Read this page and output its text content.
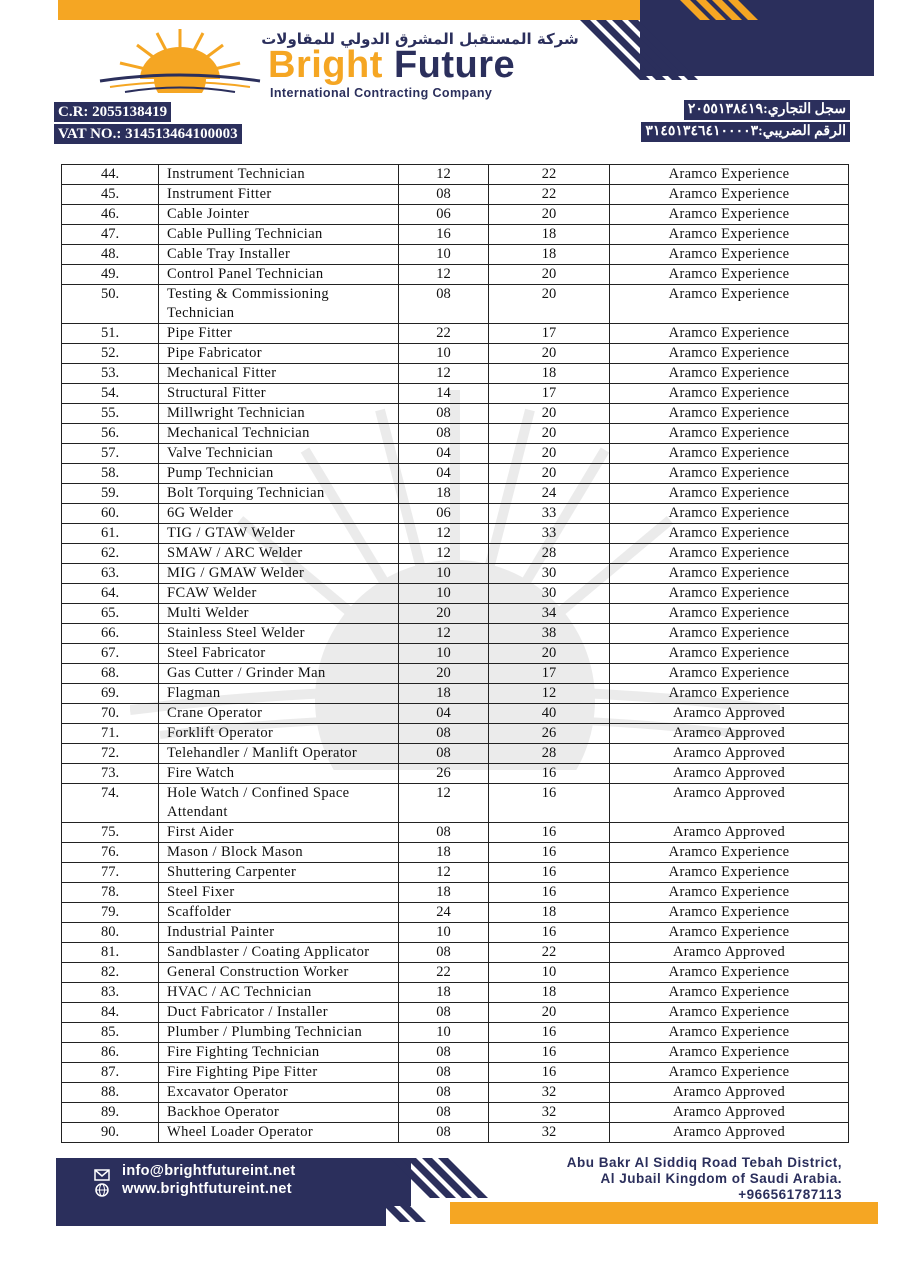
شركة المستقبل المشرق الدولي للمقاولات
Bright Future
International Contracting Company
C.R: 2055138419
VAT NO.: 314513464100003
سجل التجاري:٢٠٥٥١٣٨٤١٩
الرقم الضريبي:٣١٤٥١٣٤٦٤١٠٠٠٠٣
44.	Instrument Technician	12	22	Aramco Experience
45.	Instrument Fitter	08	22	Aramco Experience
46.	Cable Jointer	06	20	Aramco Experience
47.	Cable Pulling Technician	16	18	Aramco Experience
48.	Cable Tray Installer	10	18	Aramco Experience
49.	Control Panel Technician	12	20	Aramco Experience
50.	Testing & Commissioning Technician	08	20	Aramco Experience
51.	Pipe Fitter	22	17	Aramco Experience
52.	Pipe Fabricator	10	20	Aramco Experience
53.	Mechanical Fitter	12	18	Aramco Experience
54.	Structural Fitter	14	17	Aramco Experience
55.	Millwright Technician	08	20	Aramco Experience
56.	Mechanical Technician	08	20	Aramco Experience
57.	Valve Technician	04	20	Aramco Experience
58.	Pump Technician	04	20	Aramco Experience
59.	Bolt Torquing Technician	18	24	Aramco Experience
60.	6G Welder	06	33	Aramco Experience
61.	TIG / GTAW Welder	12	33	Aramco Experience
62.	SMAW / ARC Welder	12	28	Aramco Experience
63.	MIG / GMAW Welder	10	30	Aramco Experience
64.	FCAW Welder	10	30	Aramco Experience
65.	Multi Welder	20	34	Aramco Experience
66.	Stainless Steel Welder	12	38	Aramco Experience
67.	Steel Fabricator	10	20	Aramco Experience
68.	Gas Cutter / Grinder Man	20	17	Aramco Experience
69.	Flagman	18	12	Aramco Experience
70.	Crane Operator	04	40	Aramco Approved
71.	Forklift Operator	08	26	Aramco Approved
72.	Telehandler / Manlift Operator	08	28	Aramco Approved
73.	Fire Watch	26	16	Aramco Approved
74.	Hole Watch / Confined Space Attendant	12	16	Aramco Approved
75.	First Aider	08	16	Aramco Approved
76.	Mason / Block Mason	18	16	Aramco Experience
77.	Shuttering Carpenter	12	16	Aramco Experience
78.	Steel Fixer	18	16	Aramco Experience
79.	Scaffolder	24	18	Aramco Experience
80.	Industrial Painter	10	16	Aramco Experience
81.	Sandblaster / Coating Applicator	08	22	Aramco Approved
82.	General Construction Worker	22	10	Aramco Experience
83.	HVAC / AC Technician	18	18	Aramco Experience
84.	Duct Fabricator / Installer	08	20	Aramco Experience
85.	Plumber / Plumbing Technician	10	16	Aramco Experience
86.	Fire Fighting Technician	08	16	Aramco Experience
87.	Fire Fighting Pipe Fitter	08	16	Aramco Experience
88.	Excavator Operator	08	32	Aramco Approved
89.	Backhoe Operator	08	32	Aramco Approved
90.	Wheel Loader Operator	08	32	Aramco Approved
info@brightfutureint.net
www.brightfutureint.net
Abu Bakr Al Siddiq Road Tebah District,
Al Jubail Kingdom of Saudi Arabia.
+966561787113
